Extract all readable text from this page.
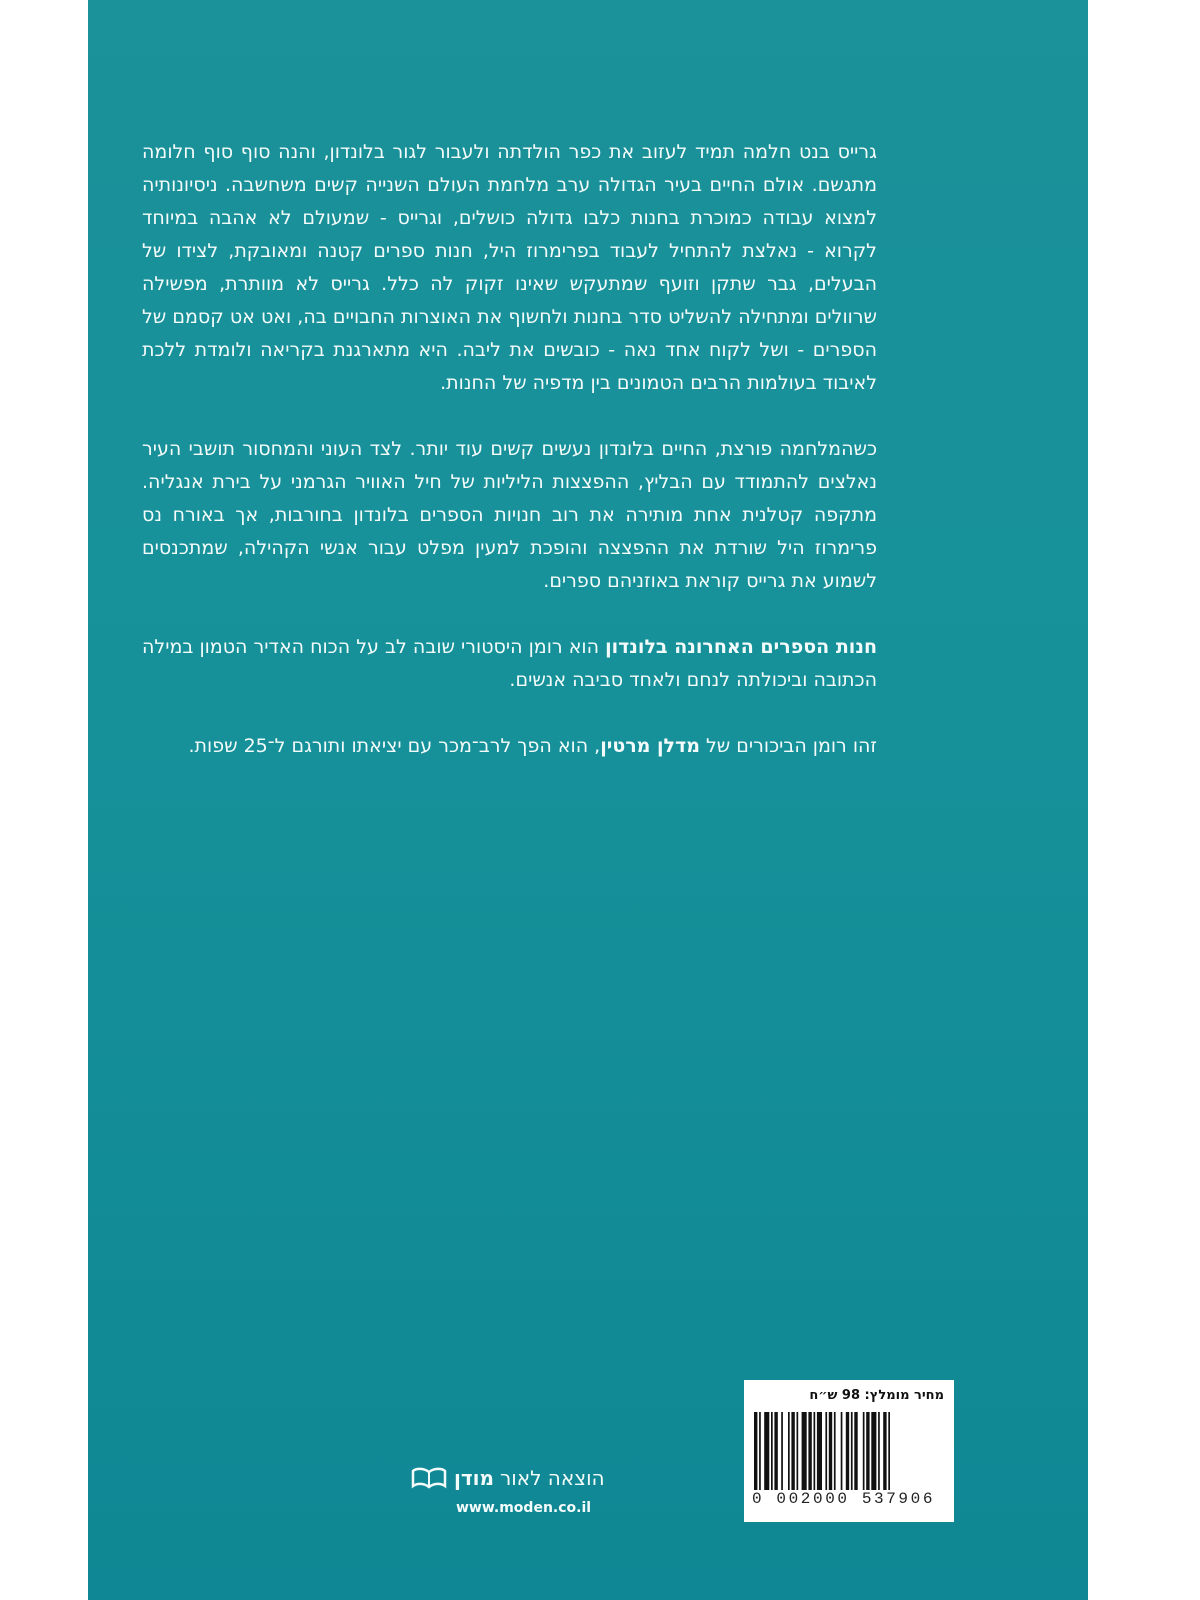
גרייס בנט חלמה תמיד לעזוב את כפר הולדתה ולעבור לגור בלונדון, והנה סוף סוף חלומה מתגשם. אולם החיים בעיר הגדולה ערב מלחמת העולם השנייה קשים משחשבה. ניסיונותיה למצוא עבודה כמוכרת בחנות כלבו גדולה כושלים, וגרייס - שמעולם לא אהבה במיוחד לקרוא - נאלצת להתחיל לעבוד בפרימרוז היל, חנות ספרים קטנה ומאובקת, לצידו של הבעלים, גבר שתקן וזועף שמתעקש שאינו זקוק לה כלל. גרייס לא מוותרת, מפשילה שרוולים ומתחילה להשליט סדר בחנות ולחשוף את האוצרות החבויים בה, ואט אט קסמם של הספרים - ושל לקוח אחד נאה - כובשים את ליבה. היא מתארגנת בקריאה ולומדת ללכת לאיבוד בעולמות הרבים הטמונים בין מדפיה של החנות.

כשהמלחמה פורצת, החיים בלונדון נעשים קשים עוד יותר. לצד העוני והמחסור תושבי העיר נאלצים להתמודד עם הבליץ, ההפצצות הליליות של חיל האוויר הגרמני על בירת אנגליה. מתקפה קטלנית אחת מותירה את רוב חנויות הספרים בלונדון בחורבות, אך באורח נס פרימרוז היל שורדת את ההפצצה והופכת למעין מפלט עבור אנשי הקהילה, שמתכנסים לשמוע את גרייס קוראת באוזניהם ספרים.

חנות הספרים האחרונה בלונדון הוא רומן היסטורי שובה לב על הכוח האדיר הטמון במילה הכתובה וביכולתה לנחם ולאחד סביבה אנשים.

זהו רומן הביכורים של מדלן מרטין, הוא הפך לרב־מכר עם יציאתו ותורגם ל־25 שפות.

הוצאה לאור
מודן
www.moden.co.il
מחיר מומלץ: 98 ש״ח
0 002000 537906
